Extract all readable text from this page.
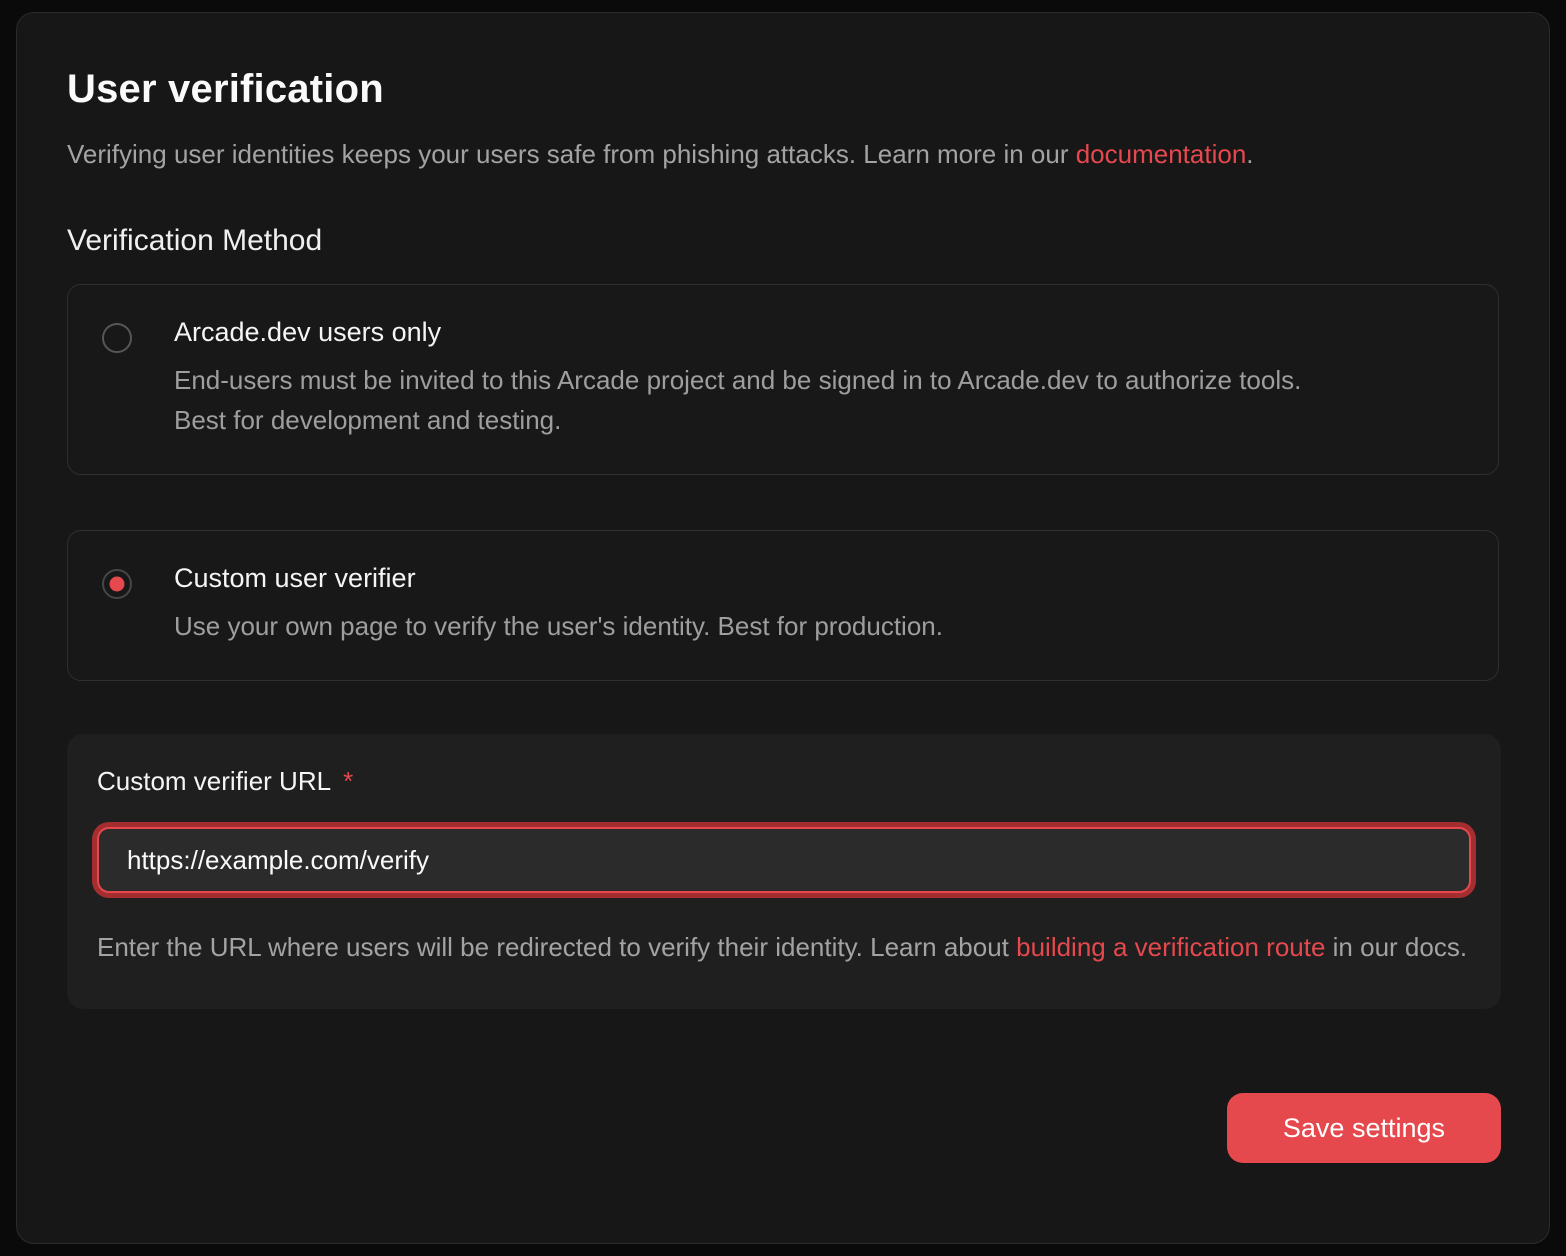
User verification

Verifying user identities keeps your users safe from phishing attacks. Learn more in our documentation.

Verification Method
Arcade.dev users only
End-users must be invited to this Arcade project and be signed in to Arcade.dev to authorize tools.
Best for development and testing.
Custom user verifier
Use your own page to verify the user's identity. Best for production.
Custom verifier URL *
https://example.com/verify

Enter the URL where users will be redirected to verify their identity. Learn about building a verification route in our docs.

Save settings
